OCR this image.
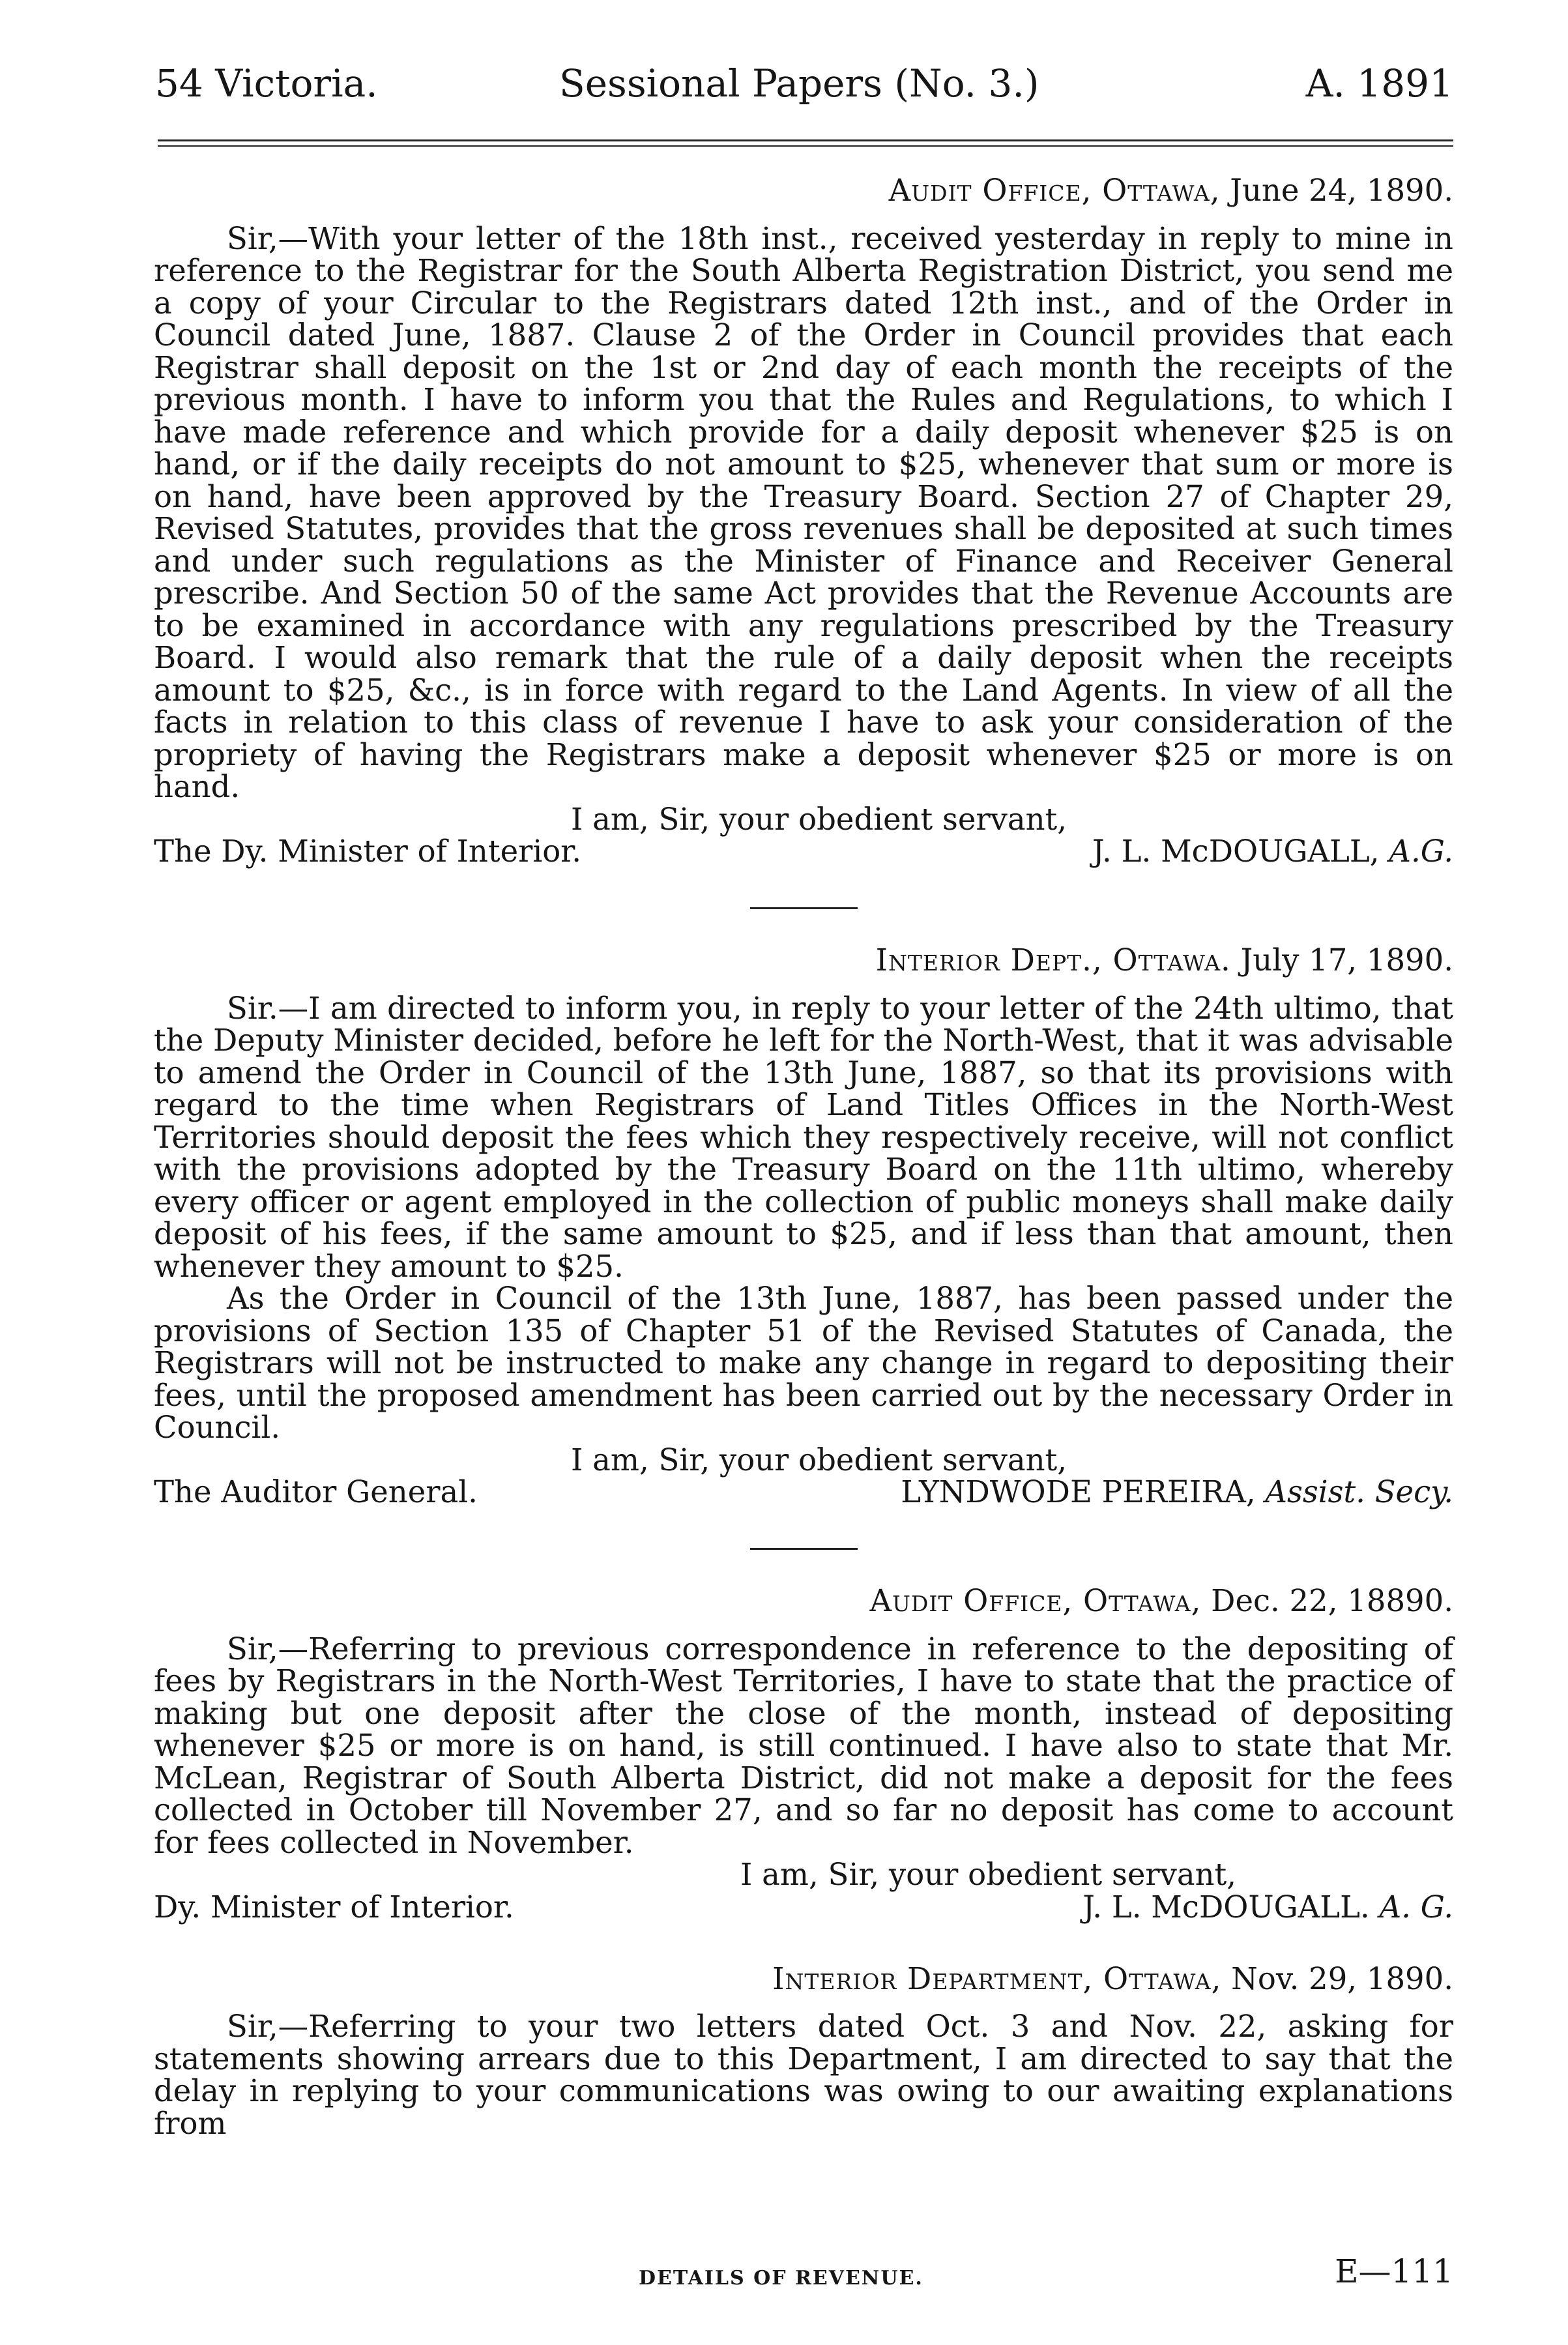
54 Victoria.	Sessional Papers (No. 3.)	A. 1891
Audit Office, Ottawa, June 24, 1890.

Sir,—With your letter of the 18th inst., received yesterday in reply to mine in reference to the Registrar for the South Alberta Registration District, you send me a copy of your Circular to the Registrars dated 12th inst., and of the Order in Council dated June, 1887. Clause 2 of the Order in Council provides that each Registrar shall deposit on the 1st or 2nd day of each month the receipts of the previous month. I have to inform you that the Rules and Regulations, to which I have made reference and which provide for a daily deposit whenever $25 is on hand, or if the daily receipts do not amount to $25, whenever that sum or more is on hand, have been approved by the Treasury Board. Section 27 of Chapter 29, Revised Statutes, provides that the gross revenues shall be deposited at such times and under such regulations as the Minister of Finance and Receiver General prescribe. And Section 50 of the same Act provides that the Revenue Accounts are to be examined in accordance with any regulations prescribed by the Treasury Board. I would also remark that the rule of a daily deposit when the receipts amount to $25, &c., is in force with regard to the Land Agents. In view of all the facts in relation to this class of revenue I have to ask your consideration of the propriety of having the Registrars make a deposit whenever $25 or more is on hand.

I am, Sir, your obedient servant,
The Dy. Minister of Interior.	J. L. McDOUGALL, A.G.
Interior Dept., Ottawa. July 17, 1890.

Sir.—I am directed to inform you, in reply to your letter of the 24th ultimo, that the Deputy Minister decided, before he left for the North-West, that it was advisable to amend the Order in Council of the 13th June, 1887, so that its provisions with regard to the time when Registrars of Land Titles Offices in the North-West Territories should deposit the fees which they respectively receive, will not conflict with the provisions adopted by the Treasury Board on the 11th ultimo, whereby every officer or agent employed in the collection of public moneys shall make daily deposit of his fees, if the same amount to $25, and if less than that amount, then whenever they amount to $25.

As the Order in Council of the 13th June, 1887, has been passed under the provisions of Section 135 of Chapter 51 of the Revised Statutes of Canada, the Registrars will not be instructed to make any change in regard to depositing their fees, until the proposed amendment has been carried out by the necessary Order in Council.

I am, Sir, your obedient servant,
The Auditor General.	LYNDWODE PEREIRA, Assist. Secy.
Audit Office, Ottawa, Dec. 22, 18890.

Sir,—Referring to previous correspondence in reference to the depositing of fees by Registrars in the North-West Territories, I have to state that the practice of making but one deposit after the close of the month, instead of depositing whenever $25 or more is on hand, is still continued. I have also to state that Mr. McLean, Registrar of South Alberta District, did not make a deposit for the fees collected in October till November 27, and so far no deposit has come to account for fees collected in November.

I am, Sir, your obedient servant,
Dy. Minister of Interior.	J. L. McDOUGALL. A. G.
Interior Department, Ottawa, Nov. 29, 1890.

Sir,—Referring to your two letters dated Oct. 3 and Nov. 22, asking for statements showing arrears due to this Department, I am directed to say that the delay in replying to your communications was owing to our awaiting explanations from

DETAILS OF REVENUE.	E—111
